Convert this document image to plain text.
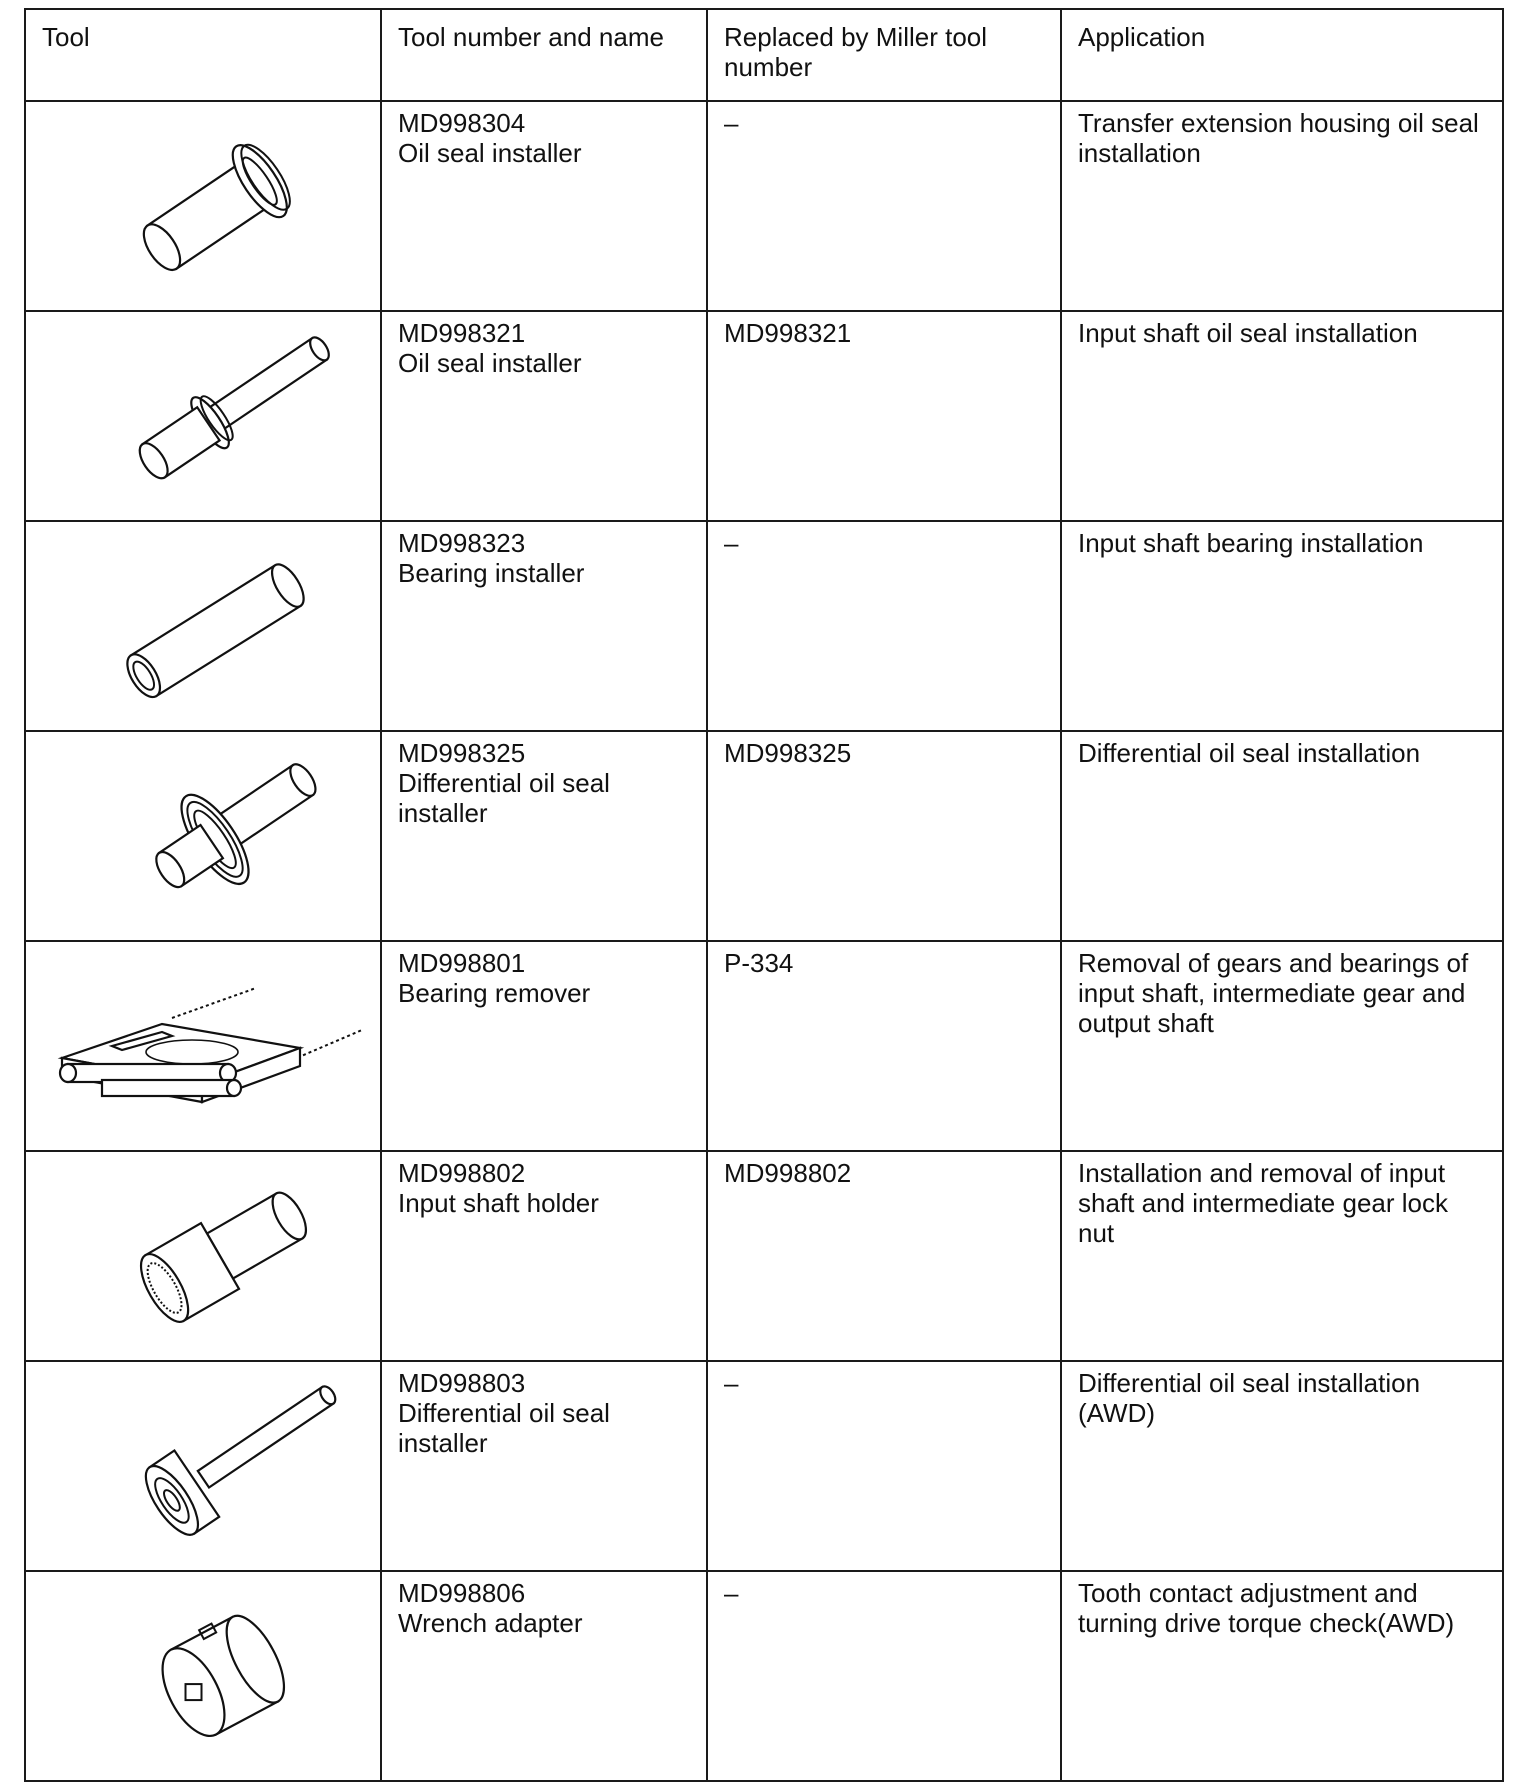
Tool	Tool number and name	Replaced by Miller tool number	Application

MD998304
Oil seal installer	–	Transfer extension housing oil seal installation

MD998321
Oil seal installer	MD998321	Input shaft oil seal installation

MD998323
Bearing installer	–	Input shaft bearing installation

MD998325
Differential oil seal installer	MD998325	Differential oil seal installation

MD998801
Bearing remover	P-334	Removal of gears and bearings of input shaft, intermediate gear and output shaft

MD998802
Input shaft holder	MD998802	Installation and removal of input shaft and intermediate gear lock nut

MD998803
Differential oil seal installer	–	Differential oil seal installation (AWD)

MD998806
Wrench adapter	–	Tooth contact adjustment and turning drive torque check(AWD)
